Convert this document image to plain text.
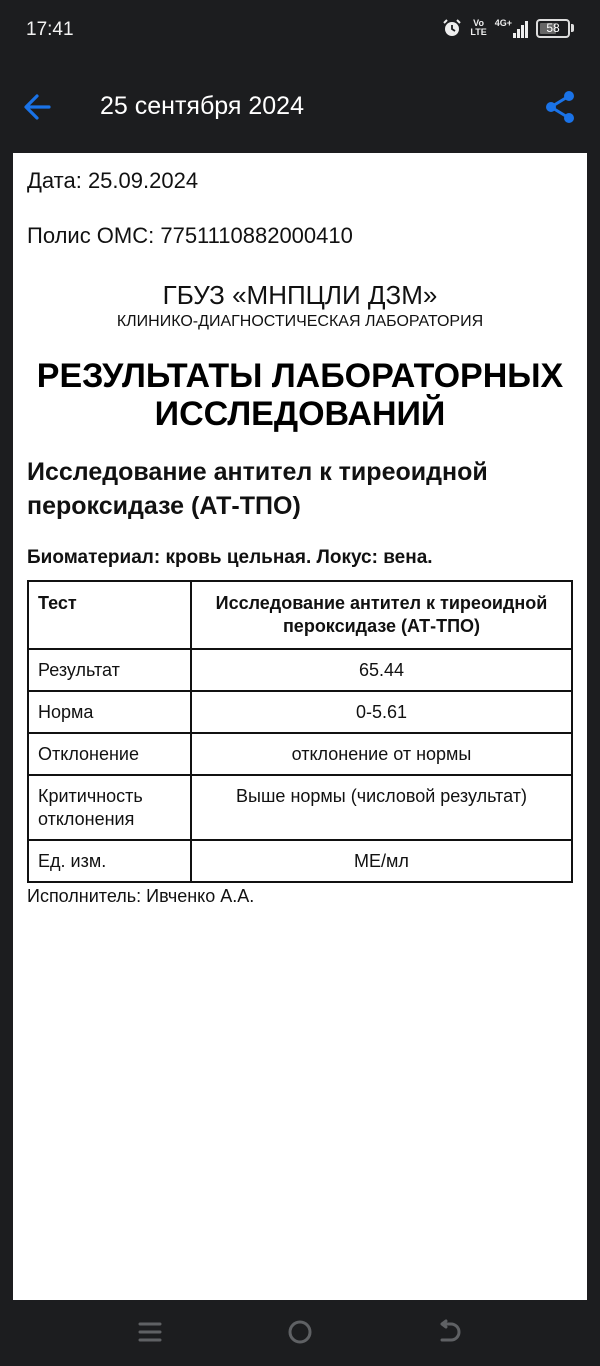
17:41	Vo
LTE
4G+	58
25 сентября 2024
Дата: 25.09.2024
Полис ОМС: 7751110882000410
ГБУЗ «МНПЦЛИ ДЗМ»
КЛИНИКО-ДИАГНОСТИЧЕСКАЯ ЛАБОРАТОРИЯ
РЕЗУЛЬТАТЫ ЛАБОРАТОРНЫХ ИССЛЕДОВАНИЙ
Исследование антител к тиреоидной пероксидазе (АТ-ТПО)
Биоматериал: кровь цельная. Локус: вена.
Тест	Исследование антител к тиреоидной пероксидазе (АТ-ТПО)
Результат	65.44
Норма	0-5.61
Отклонение	отклонение от нормы
Критичность отклонения	Выше нормы (числовой результат)
Ед. изм.	МЕ/мл
Исполнитель: Ивченко А.А.
